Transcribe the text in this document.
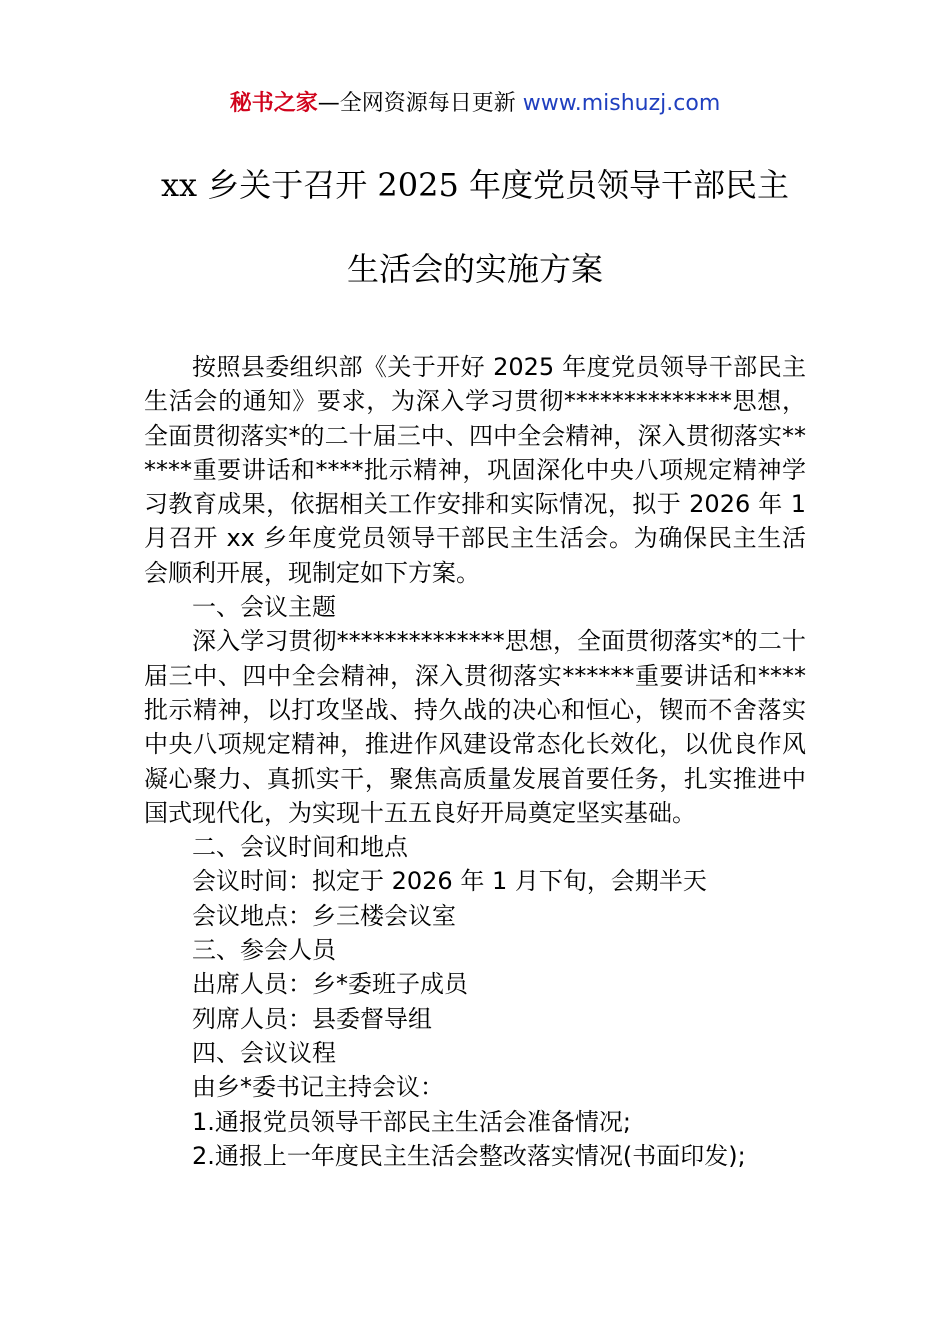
秘书之家—全网资源每日更新 www.mishuzj.com
xx 乡关于召开 2025 年度党员领导干部民主
生活会的实施方案

按照县委组织部《关于开好 2025 年度党员领导干部民主生活会的通知》要求，为深入学习贯彻**************思想，全面贯彻落实*的二十届三中、四中全会精神，深入贯彻落实******重要讲话和****批示精神，巩固深化中央八项规定精神学习教育成果，依据相关工作安排和实际情况，拟于 2026 年 1 月召开 xx 乡年度党员领导干部民主生活会。为确保民主生活会顺利开展，现制定如下方案。

一、会议主题

深入学习贯彻**************思想，全面贯彻落实*的二十届三中、四中全会精神，深入贯彻落实******重要讲话和****批示精神，以打攻坚战、持久战的决心和恒心，锲而不舍落实中央八项规定精神，推进作风建设常态化长效化，以优良作风凝心聚力、真抓实干，聚焦高质量发展首要任务，扎实推进中国式现代化，为实现十五五良好开局奠定坚实基础。

二、会议时间和地点

会议时间：拟定于 2026 年 1 月下旬，会期半天

会议地点：乡三楼会议室

三、参会人员

出席人员：乡*委班子成员

列席人员：县委督导组

四、会议议程

由乡*委书记主持会议：

1.通报党员领导干部民主生活会准备情况;

2.通报上一年度民主生活会整改落实情况(书面印发);
